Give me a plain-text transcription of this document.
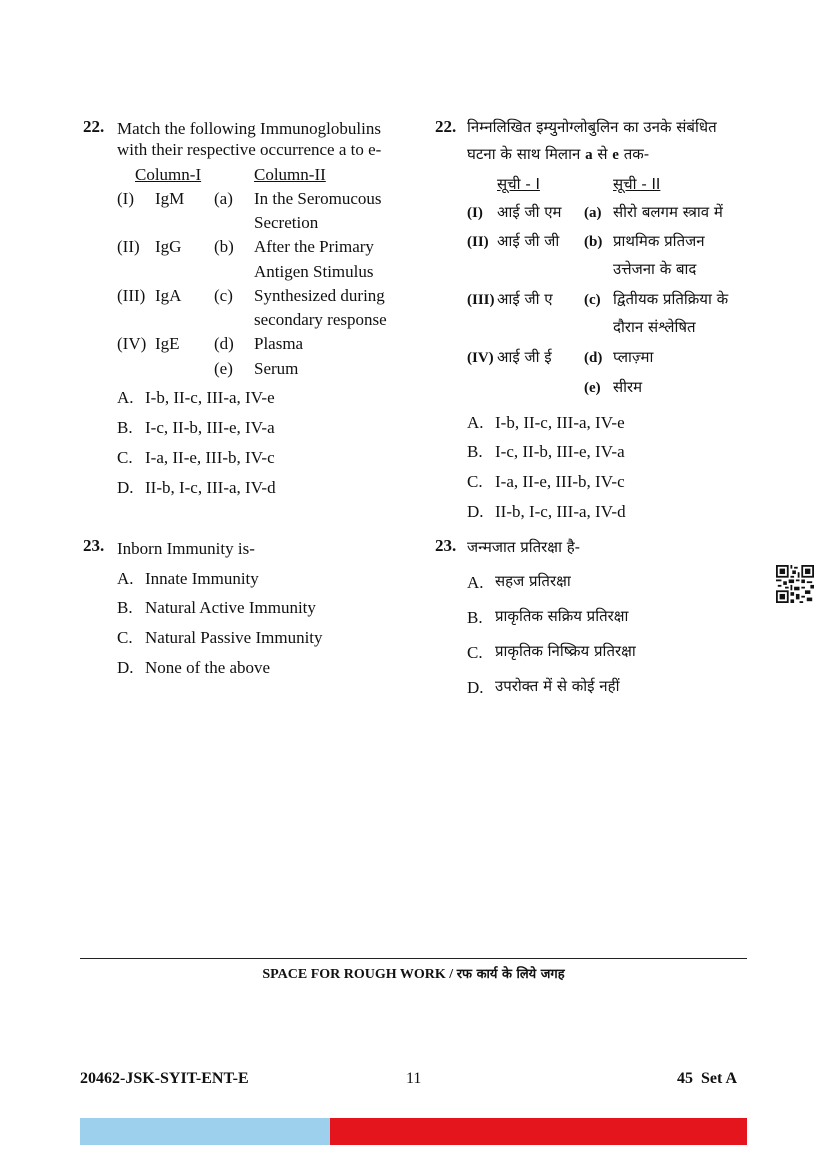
22. Match the following Immunoglobulins
with their respective occurrence a to e-
Column-I	Column-II
(I) IgM (a) In the Seromucous
Secretion
(II) IgG (b) After the Primary
Antigen Stimulus
(III) IgA (c) Synthesized during
secondary response
(IV) IgE (d) Plasma
(e) Serum
A. I-b, II-c, III-a, IV-e
B. I-c, II-b, III-e, IV-a
C. I-a, II-e, III-b, IV-c
D. II-b, I-c, III-a, IV-d
22. निम्नलिखित इम्युनोग्लोबुलिन का उनके संबंधित
घटना के साथ मिलान a से e तक-
सूची - I	सूची - II
(I) आई जी एम (a) सीरो बलगम स्त्राव में
(II) आई जी जी (b) प्राथमिक प्रतिजन
उत्तेजना के बाद
(III) आई जी ए (c) द्वितीयक प्रतिक्रिया के
दौरान संश्लेषित
(IV) आई जी ई (d) प्लाज़्मा
(e) सीरम
A. I-b, II-c, III-a, IV-e
B. I-c, II-b, III-e, IV-a
C. I-a, II-e, III-b, IV-c
D. II-b, I-c, III-a, IV-d
23. Inborn Immunity is-
A. Innate Immunity
B. Natural Active Immunity
C. Natural Passive Immunity
D. None of the above
23. जन्मजात प्रतिरक्षा है-
A. सहज प्रतिरक्षा
B. प्राकृतिक सक्रिय प्रतिरक्षा
C. प्राकृतिक निष्क्रिय प्रतिरक्षा
D. उपरोक्त में से कोई नहीं
SPACE FOR ROUGH WORK / रफ कार्य के लिये जगह
20462-JSK-SYIT-ENT-E	11	45  Set A
